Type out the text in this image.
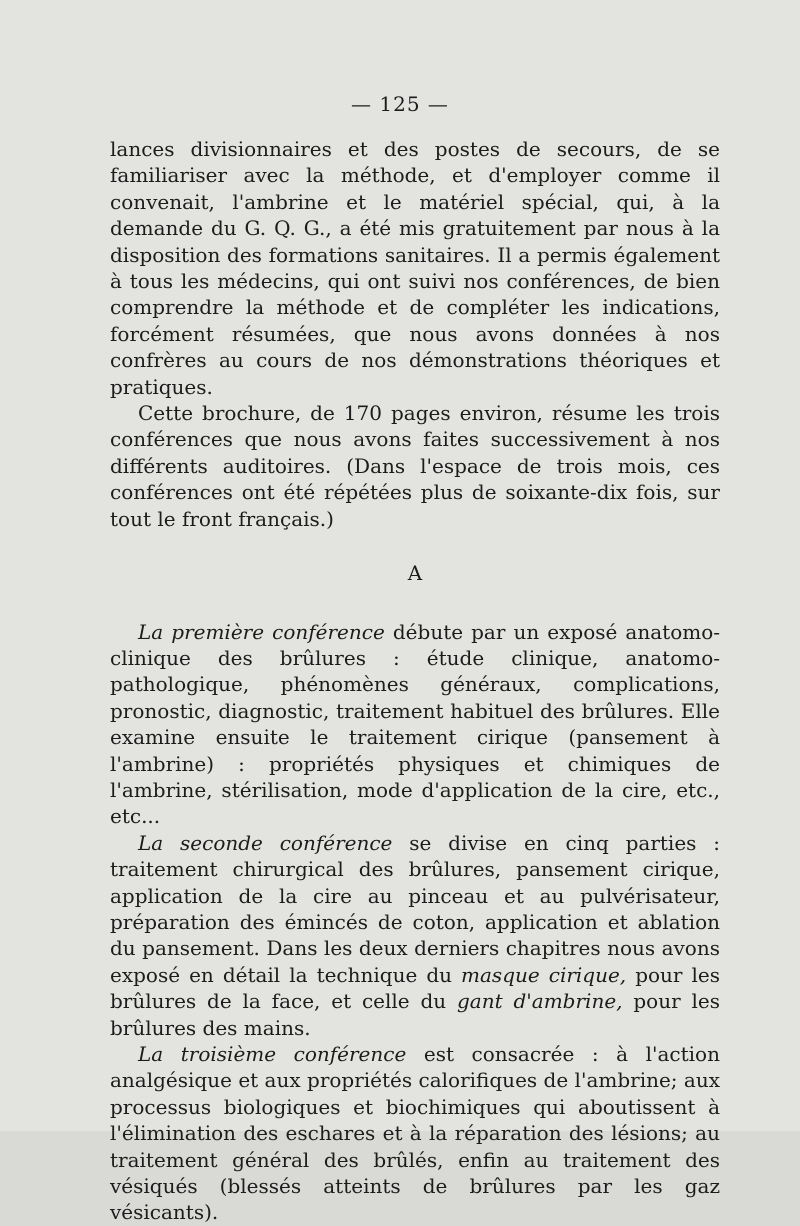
— 125 —

lances divisionnaires et des postes de secours, de se familiariser avec la méthode, et d'employer comme il convenait, l'ambrine et le matériel spécial, qui, à la demande du G. Q. G., a été mis gratuitement par nous à la disposition des formations sanitaires. Il a permis également à tous les médecins, qui ont suivi nos conférences, de bien comprendre la méthode et de compléter les indications, forcément résumées, que nous avons données à nos confrères au cours de nos démonstrations théoriques et pratiques.

Cette brochure, de 170 pages environ, résume les trois conférences que nous avons faites successivement à nos différents auditoires. (Dans l'espace de trois mois, ces conférences ont été répétées plus de soixante-dix fois, sur tout le front français.)

A

La première conférence débute par un exposé anatomo-clinique des brûlures : étude clinique, anatomo-pathologique, phénomènes généraux, complications, pronostic, diagnostic, traitement habituel des brûlures. Elle examine ensuite le traitement cirique (pansement à l'ambrine) : propriétés physiques et chimiques de l'ambrine, stérilisation, mode d'application de la cire, etc., etc...

La seconde conférence se divise en cinq parties : traitement chirurgical des brûlures, pansement cirique, application de la cire au pinceau et au pulvérisateur, préparation des émincés de coton, application et ablation du pansement. Dans les deux derniers chapitres nous avons exposé en détail la technique du masque cirique, pour les brûlures de la face, et celle du gant d'ambrine, pour les brûlures des mains.

La troisième conférence est consacrée : à l'action analgésique et aux propriétés calorifiques de l'ambrine; aux processus biologiques et biochimiques qui aboutissent à l'élimination des eschares et à la réparation des lésions; au traitement général des brûlés, enfin au traitement des vésiqués (blessés atteints de brûlures par les gaz vésicants).
